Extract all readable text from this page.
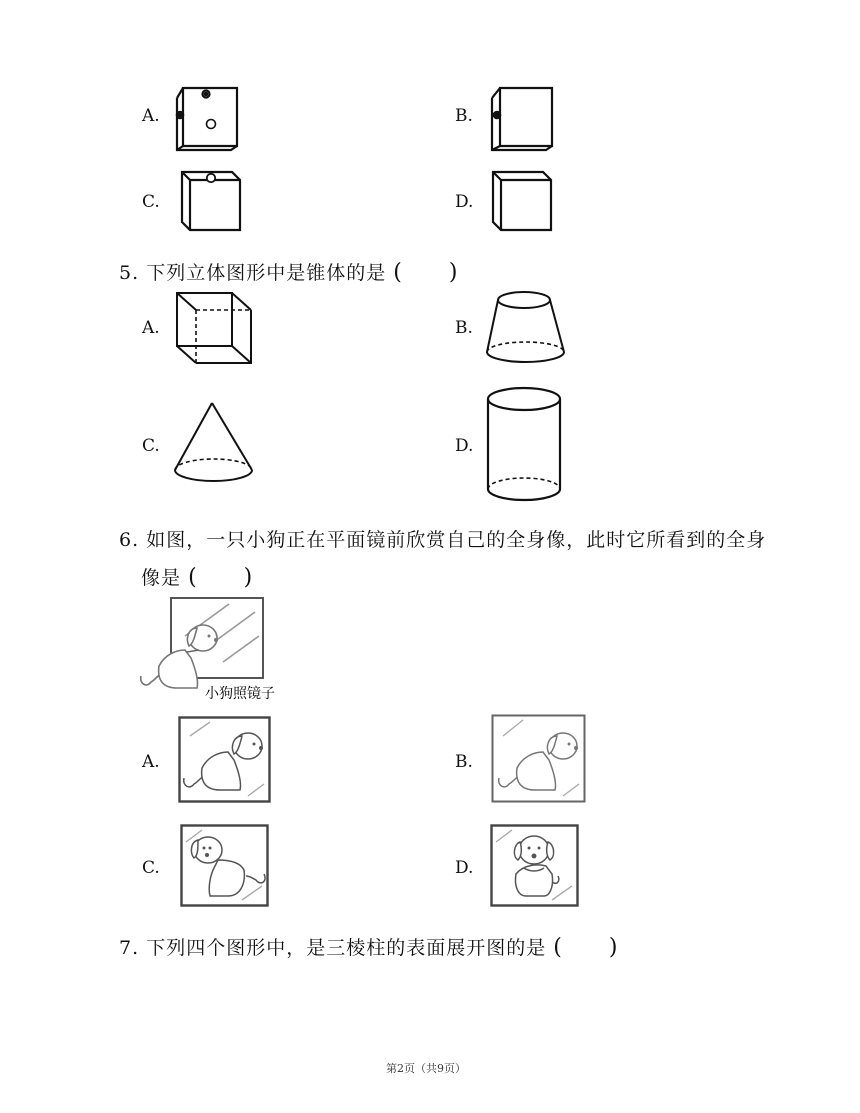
A.	B.
C.	D.
5. 下列立体图形中是锥体的是 (　　)
A.	B.
C.	D.
6. 如图，一只小狗正在平面镜前欣赏自己的全身像，此时它所看到的全身
像是 (　　)
小狗照镜子
A.	B.
C.	D.
7. 下列四个图形中，是三棱柱的表面展开图的是 (　　)
第2页（共9页）
